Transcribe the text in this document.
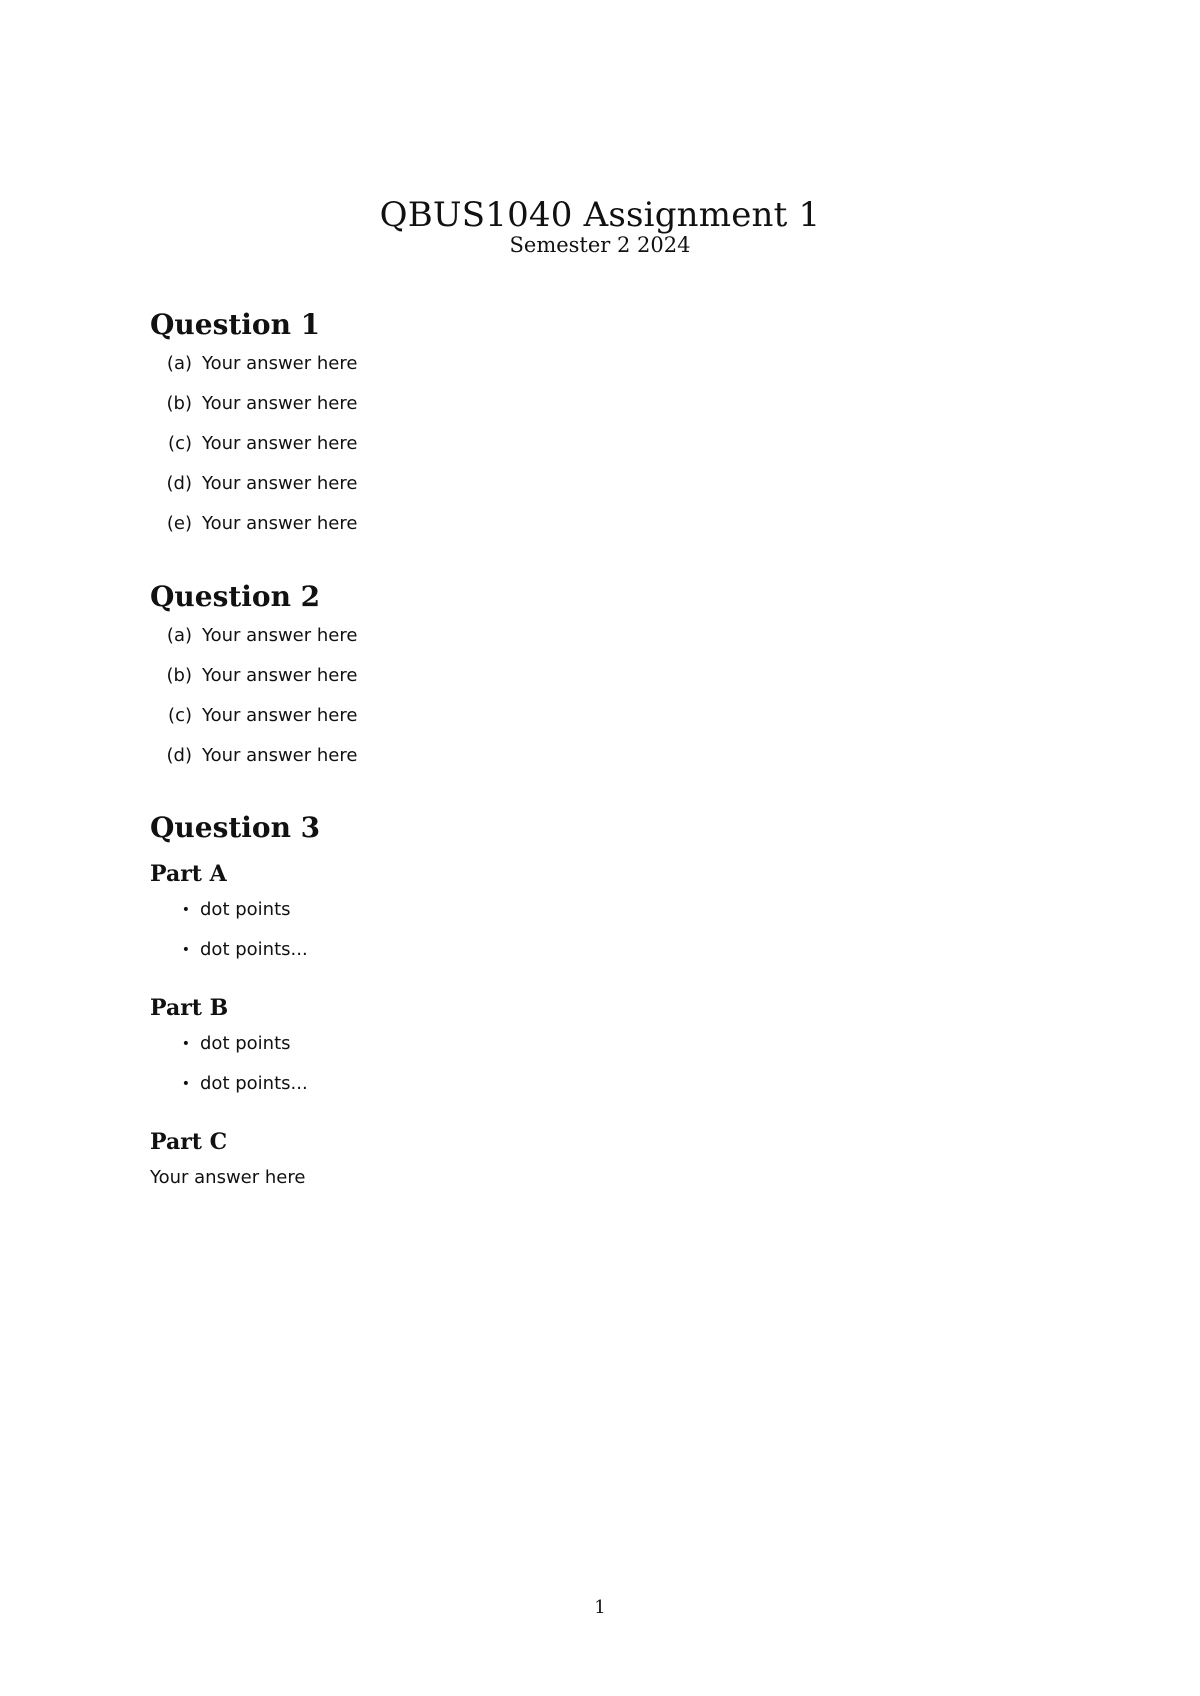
QBUS1040 Assignment 1
Semester 2 2024
Question 1
(a) Your answer here
(b) Your answer here
(c) Your answer here
(d) Your answer here
(e) Your answer here
Question 2
(a) Your answer here
(b) Your answer here
(c) Your answer here
(d) Your answer here
Question 3
Part A
• dot points
• dot points...
Part B
• dot points
• dot points...
Part C

Your answer here

1
